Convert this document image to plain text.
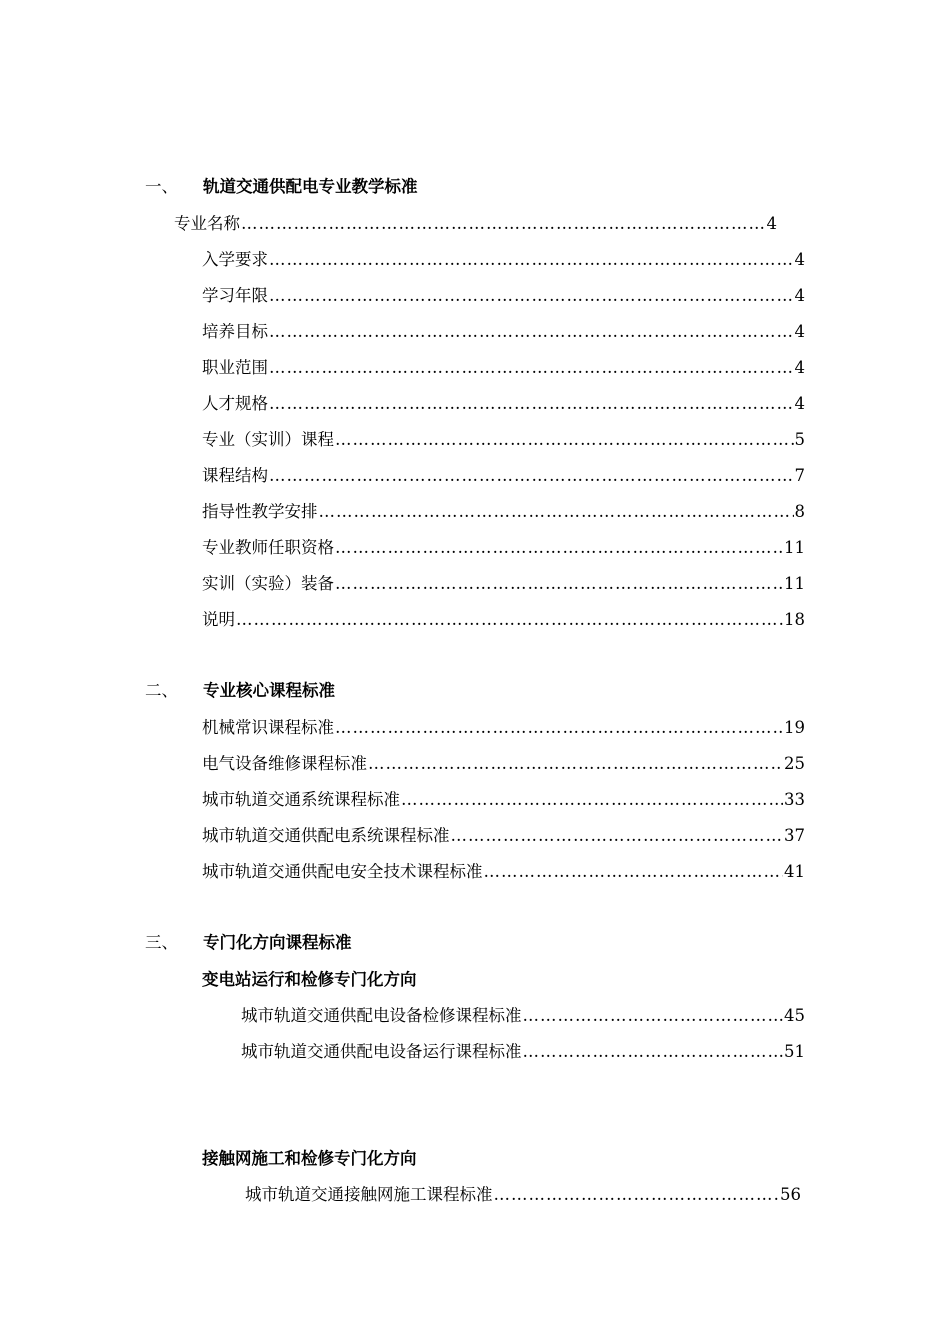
一、 轨道交通供配电专业教学标准
专业名称 …………………………………………………………………………………………………………………………………………………………………………………………	4
入学要求 …………………………………………………………………………………………………………………………………………………………………………………………	4
学习年限 …………………………………………………………………………………………………………………………………………………………………………………………	4
培养目标 …………………………………………………………………………………………………………………………………………………………………………………………	4
职业范围 …………………………………………………………………………………………………………………………………………………………………………………………	4
人才规格 …………………………………………………………………………………………………………………………………………………………………………………………	4
专业（实训）课程 …………………………………………………………………………………………………………………………………………………………………………………………	5
课程结构 …………………………………………………………………………………………………………………………………………………………………………………………	7
指导性教学安排 …………………………………………………………………………………………………………………………………………………………………………………………	8
专业教师任职资格 …………………………………………………………………………………………………………………………………………………………………………………………	11
实训（实验）装备 …………………………………………………………………………………………………………………………………………………………………………………………	11
说明 …………………………………………………………………………………………………………………………………………………………………………………………	18
二、 专业核心课程标准
机械常识课程标准 …………………………………………………………………………………………………………………………………………………………………………………………	19
电气设备维修课程标准 …………………………………………………………………………………………………………………………………………………………………………………………	25
城市轨道交通系统课程标准 …………………………………………………………………………………………………………………………………………………………………………………………	33
城市轨道交通供配电系统课程标准 …………………………………………………………………………………………………………………………………………………………………………………………	37
城市轨道交通供配电安全技术课程标准 …………………………………………………………………………………………………………………………………………………………………………………………	41
三、 专门化方向课程标准
变电站运行和检修专门化方向
城市轨道交通供配电设备检修课程标准 …………………………………………………………………………………………………………………………………………………………………………………………	45
城市轨道交通供配电设备运行课程标准 …………………………………………………………………………………………………………………………………………………………………………………………	51
接触网施工和检修专门化方向
城市轨道交通接触网施工课程标准 …………………………………………………………………………………………………………………………………………………………………………………………	56
